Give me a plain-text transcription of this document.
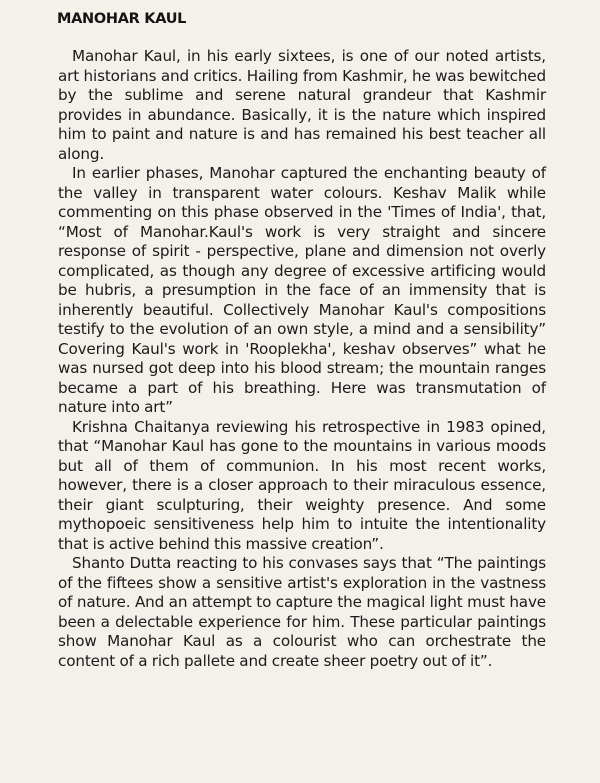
MANOHAR KAUL

Manohar Kaul, in his early sixtees, is one of our noted artists, art historians and critics. Hailing from Kashmir, he was bewitched by the sublime and serene natural grandeur that Kashmir provides in abundance. Basically, it is the nature which inspired him to paint and nature is and has remained his best teacher all along.

In earlier phases, Manohar captured the enchanting beauty of the valley in transparent water colours. Keshav Malik while commenting on this phase observed in the 'Times of India', that, “Most of Manohar.Kaul's work is very straight and sincere response of spirit - perspective, plane and dimension not overly complicated, as though any degree of excessive artificing would be hubris, a presumption in the face of an immensity that is inherently beautiful. Collectively Manohar Kaul's compositions testify to the evolution of an own style, a mind and a sensibility” Covering Kaul's work in 'Rooplekha', keshav observes” what he was nursed got deep into his blood stream; the mountain ranges became a part of his breathing. Here was transmutation of nature into art”

Krishna Chaitanya reviewing his retrospective in 1983 opined, that “Manohar Kaul has gone to the mountains in various moods but all of them of communion. In his most recent works, however, there is a closer approach to their miraculous essence, their giant sculpturing, their weighty presence. And some mythopoeic sensitiveness help him to intuite the intentionality that is active behind this massive creation”.

Shanto Dutta reacting to his convases says that “The paintings of the fiftees show a sensitive artist's exploration in the vastness of nature. And an attempt to capture the magical light must have been a delectable experience for him. These particular paintings show Manohar Kaul as a colourist who can orchestrate the content of a rich pallete and create sheer poetry out of it”.
